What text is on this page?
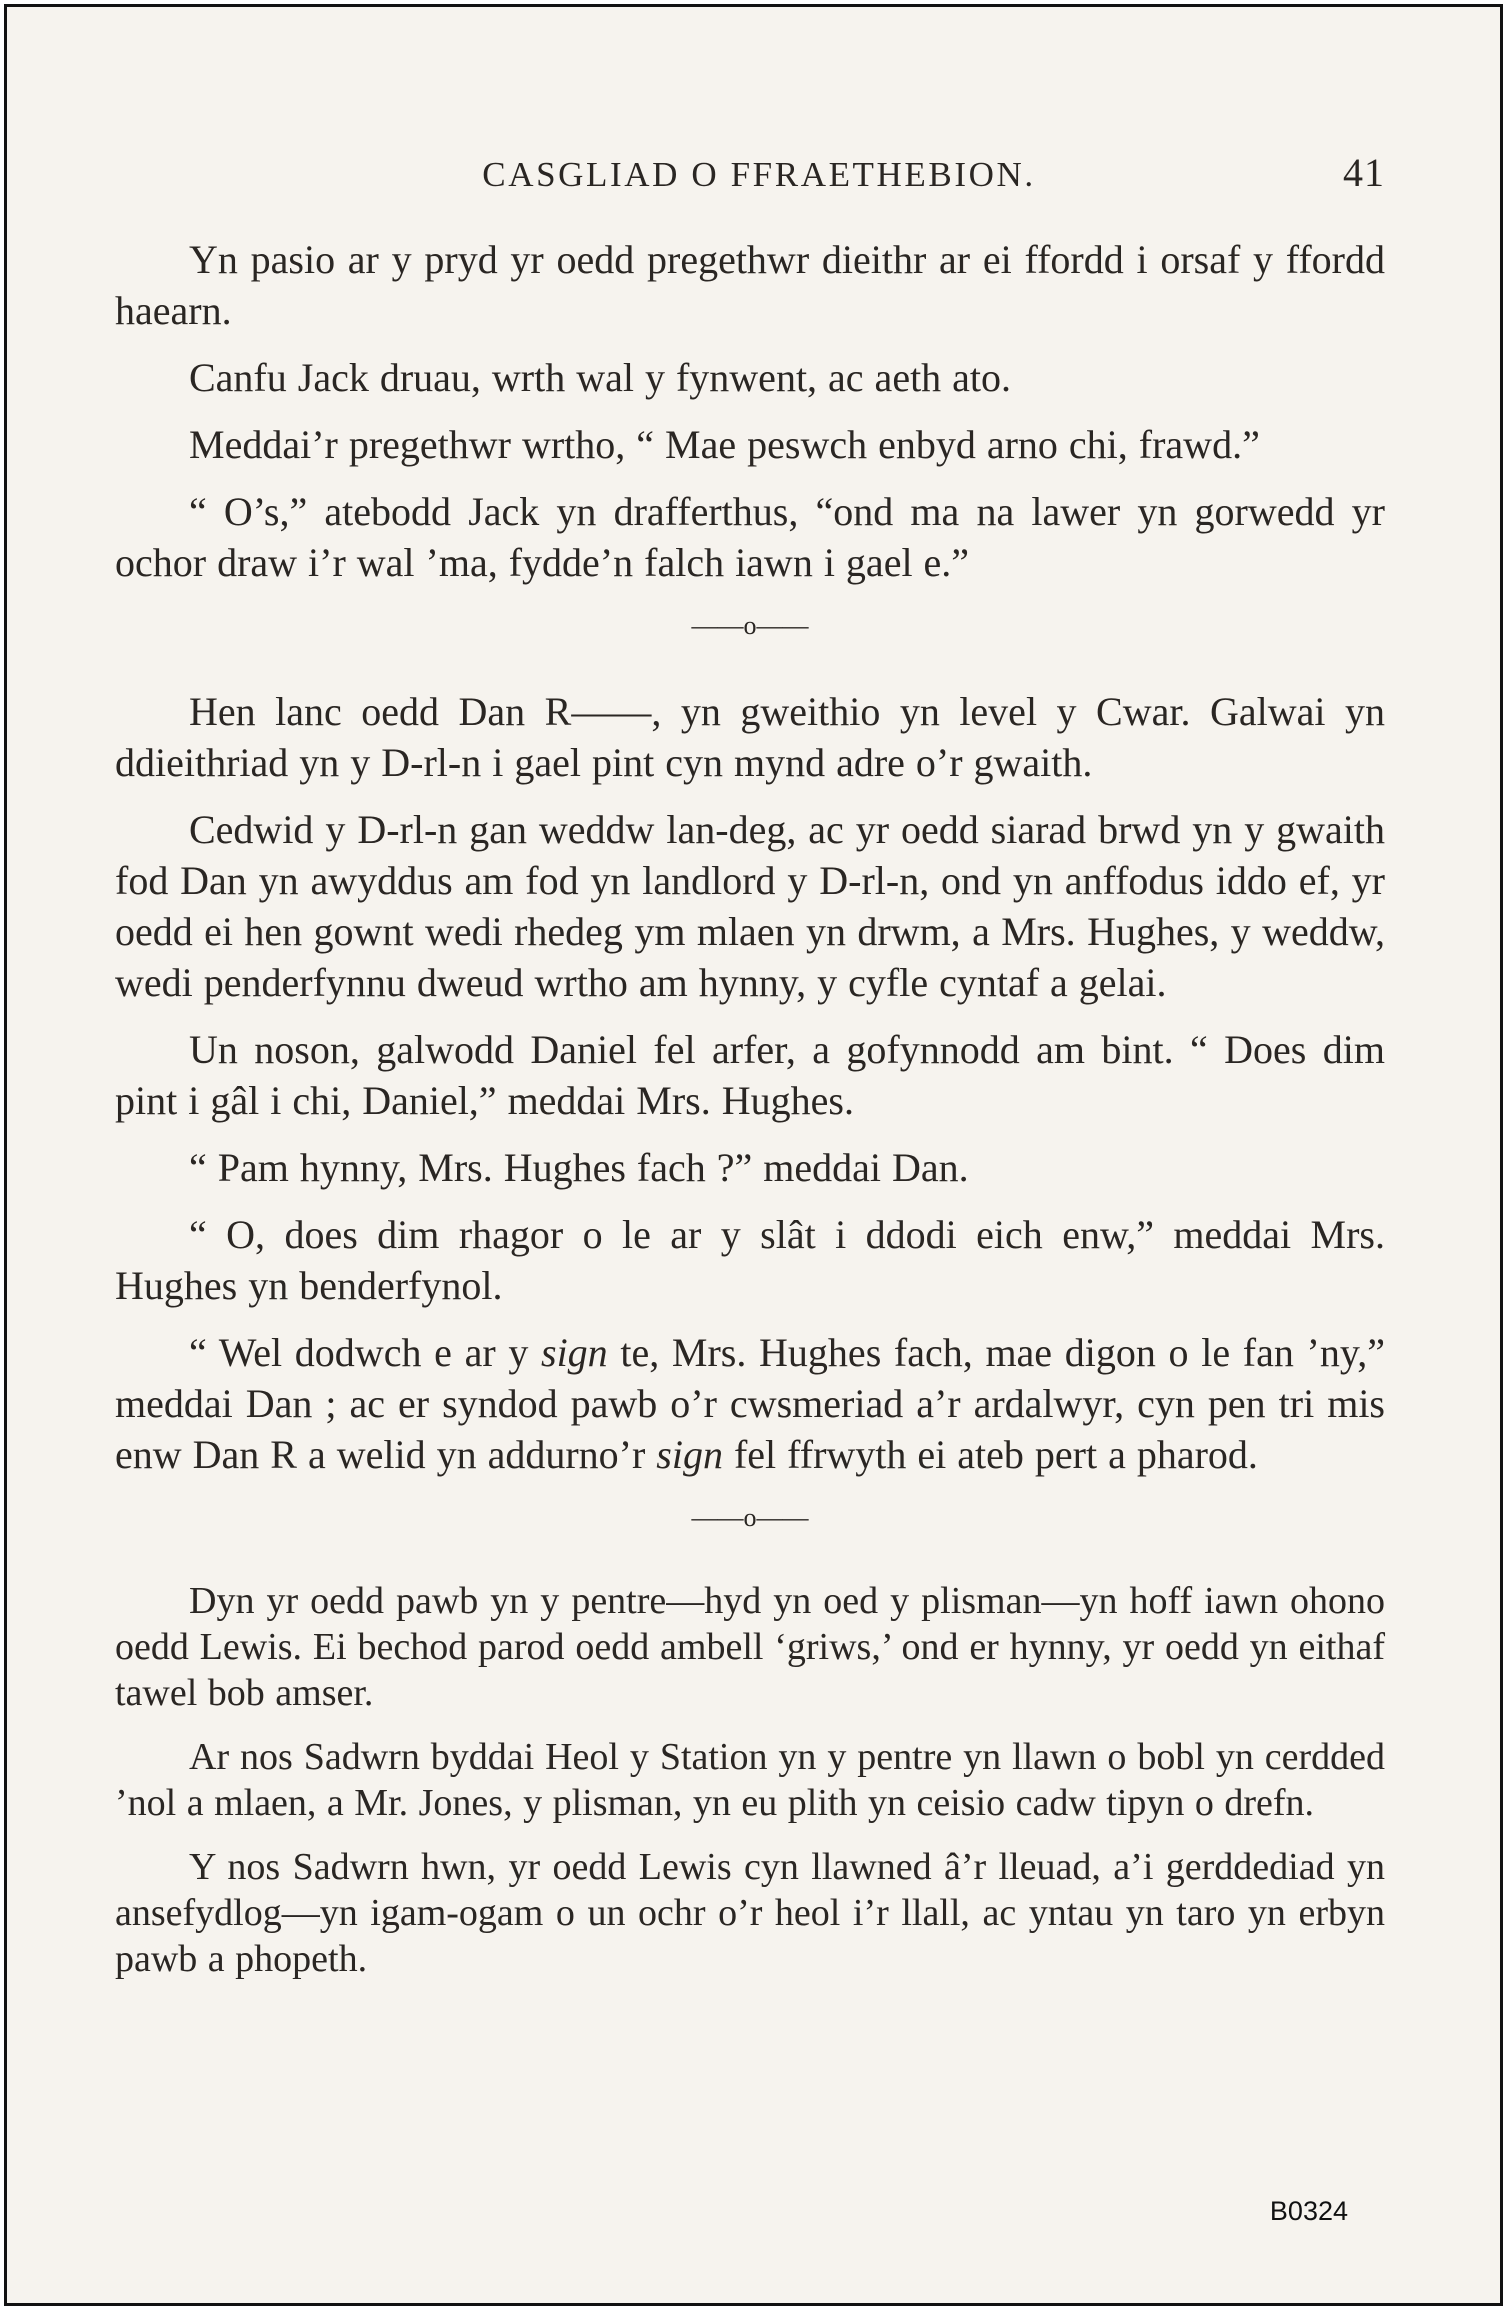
CASGLIAD O FFRAETHEBION.	41

Yn pasio ar y pryd yr oedd pregethwr dieithr ar ei ffordd i orsaf y ffordd haearn.

Canfu Jack druau, wrth wal y fynwent, ac aeth ato.

Meddai’r pregethwr wrtho, “ Mae peswch enbyd arno chi, frawd.”

“ O’s,” atebodd Jack yn drafferthus, “ond ma na lawer yn gorwedd yr ochor draw i’r wal ’ma, fydde’n falch iawn i gael e.”

——o——

Hen lanc oedd Dan R——, yn gweithio yn level y Cwar. Galwai yn ddieithriad yn y D-rl-n i gael pint cyn mynd adre o’r gwaith.

Cedwid y D-rl-n gan weddw lan-deg, ac yr oedd siarad brwd yn y gwaith fod Dan yn awyddus am fod yn landlord y D-rl-n, ond yn anffodus iddo ef, yr oedd ei hen gownt wedi rhedeg ym mlaen yn drwm, a Mrs. Hughes, y weddw, wedi penderfynnu dweud wrtho am hynny, y cyfle cyntaf a gelai.

Un noson, galwodd Daniel fel arfer, a gofynnodd am bint. “ Does dim pint i gâl i chi, Daniel,” meddai Mrs. Hughes.

“ Pam hynny, Mrs. Hughes fach ?” meddai Dan.

“ O, does dim rhagor o le ar y slât i ddodi eich enw,” meddai Mrs. Hughes yn benderfynol.

“ Wel dodwch e ar y sign te, Mrs. Hughes fach, mae digon o le fan ’ny,” meddai Dan ; ac er syndod pawb o’r cwsmeriad a’r ardalwyr, cyn pen tri mis enw Dan R a welid yn addurno’r sign fel ffrwyth ei ateb pert a pharod.

——o——

Dyn yr oedd pawb yn y pentre—hyd yn oed y plisman—yn hoff iawn ohono oedd Lewis. Ei bechod parod oedd ambell ‘griws,’ ond er hynny, yr oedd yn eithaf tawel bob amser.

Ar nos Sadwrn byddai Heol y Station yn y pentre yn llawn o bobl yn cerdded ’nol a mlaen, a Mr. Jones, y plisman, yn eu plith yn ceisio cadw tipyn o drefn.

Y nos Sadwrn hwn, yr oedd Lewis cyn llawned â’r lleuad, a’i gerddediad yn ansefydlog—yn igam-ogam o un ochr o’r heol i’r llall, ac yntau yn taro yn erbyn pawb a phopeth.

B0324
